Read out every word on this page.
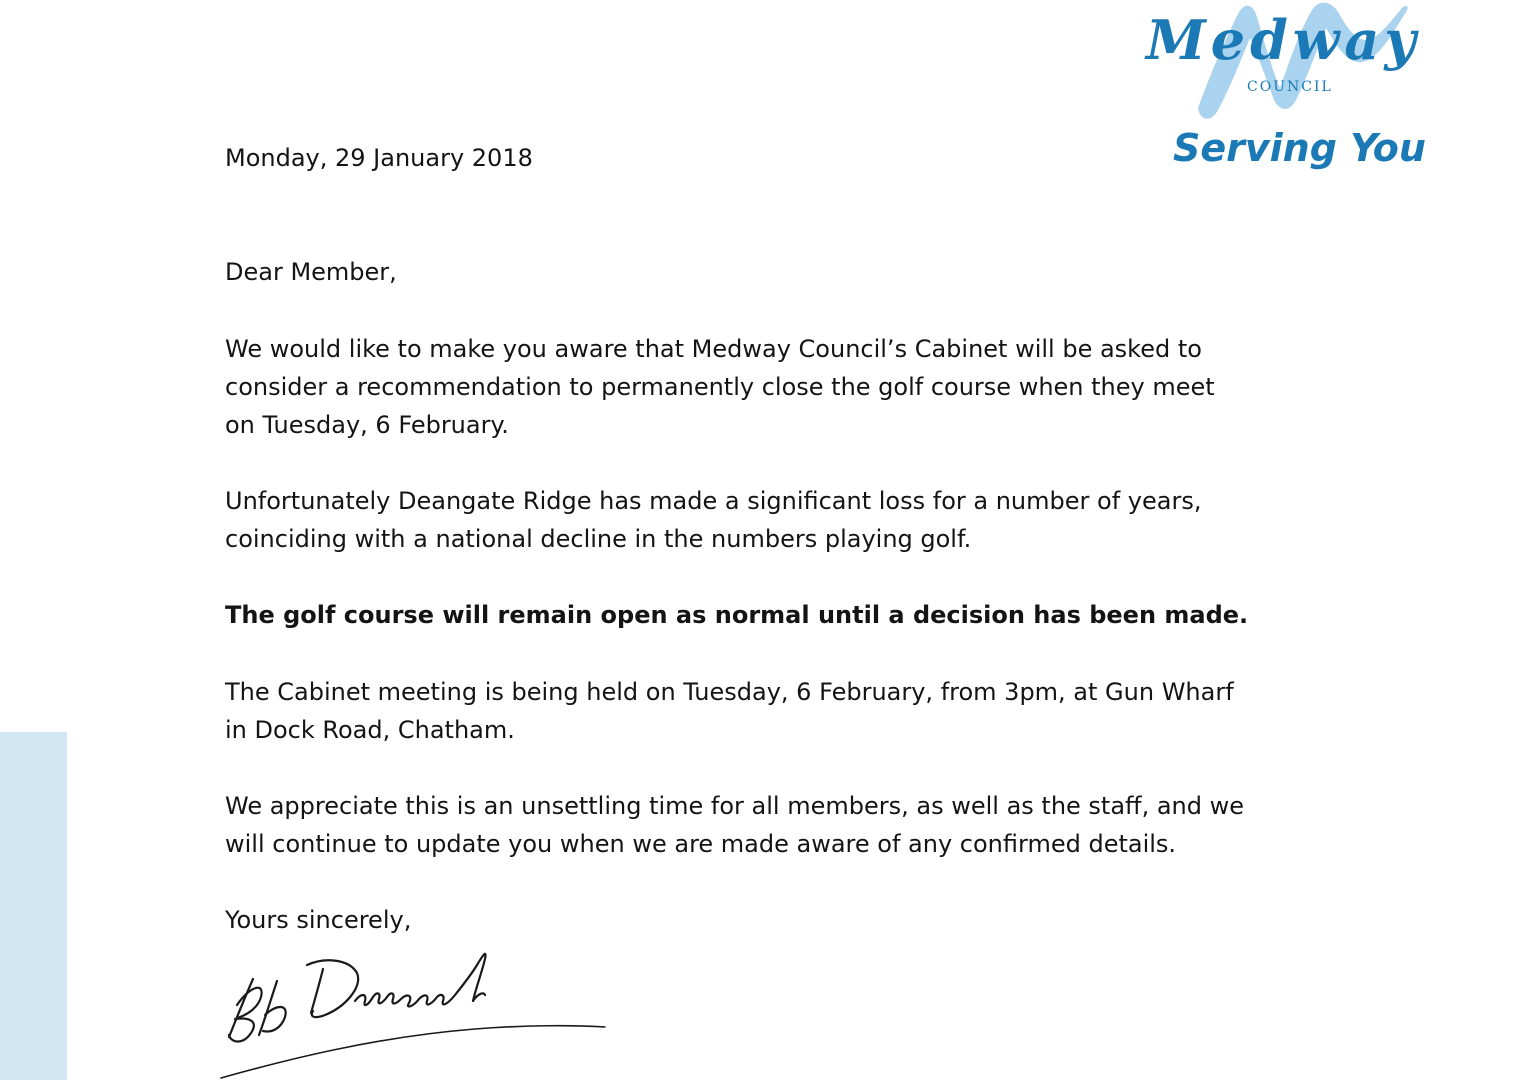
Medway
COUNCIL
Serving You

Monday, 29 January 2018

Dear Member,

We would like to make you aware that Medway Council’s Cabinet will be asked to
consider a recommendation to permanently close the golf course when they meet
on Tuesday, 6 February.

Unfortunately Deangate Ridge has made a significant loss for a number of years,
coinciding with a national decline in the numbers playing golf.

The golf course will remain open as normal until a decision has been made.

The Cabinet meeting is being held on Tuesday, 6 February, from 3pm, at Gun Wharf
in Dock Road, Chatham.

We appreciate this is an unsettling time for all members, as well as the staff, and we
will continue to update you when we are made aware of any confirmed details.

Yours sincerely,
